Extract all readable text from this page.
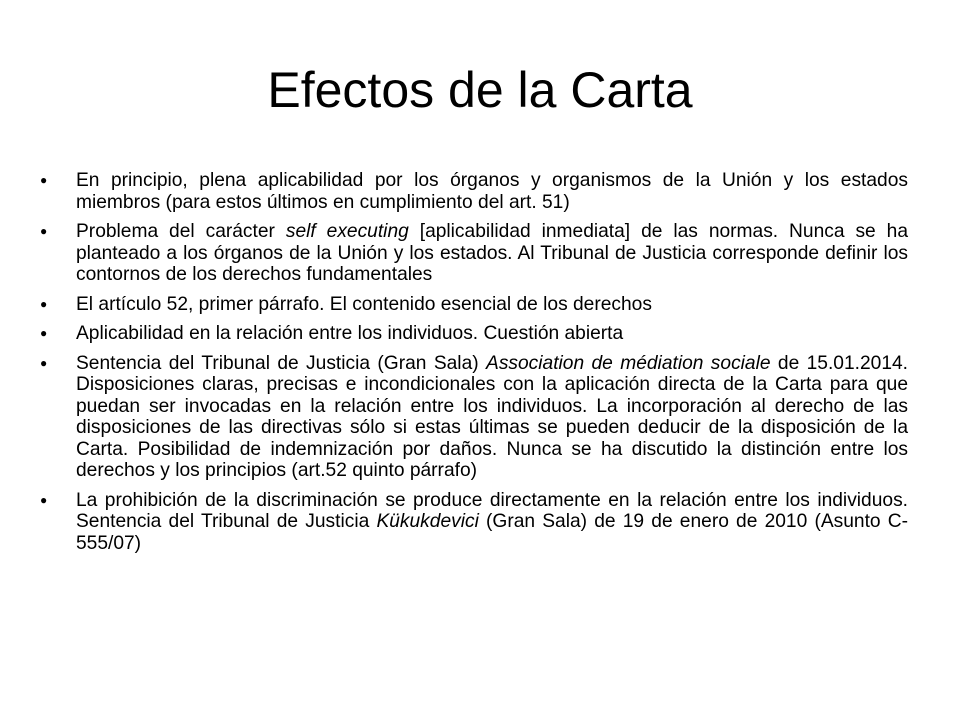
Efectos de la Carta
● En principio, plena aplicabilidad por los órganos y organismos de la Unión y los estados miembros (para estos últimos en cumplimiento del art. 51)
● Problema del carácter self executing [aplicabilidad inmediata] de las normas. Nunca se ha planteado a los órganos de la Unión y los estados. Al Tribunal de Justicia corresponde definir los contornos de los derechos fundamentales
● El artículo 52, primer párrafo. El contenido esencial de los derechos
● Aplicabilidad en la relación entre los individuos. Cuestión abierta
● Sentencia del Tribunal de Justicia (Gran Sala) Association de médiation sociale de 15.01.2014. Disposiciones claras, precisas e incondicionales con la aplicación directa de la Carta para que puedan ser invocadas en la relación entre los individuos. La incorporación al derecho de las disposiciones de las directivas sólo si estas últimas se pueden deducir de la disposición de la Carta. Posibilidad de indemnización por daños. Nunca se ha discutido la distinción entre los derechos y los principios (art.52 quinto párrafo)
● La prohibición de la discriminación se produce directamente en la relación entre los individuos. Sentencia del Tribunal de Justicia Kükukdevici (Gran Sala) de 19 de enero de 2010 (Asunto C-555/07)
